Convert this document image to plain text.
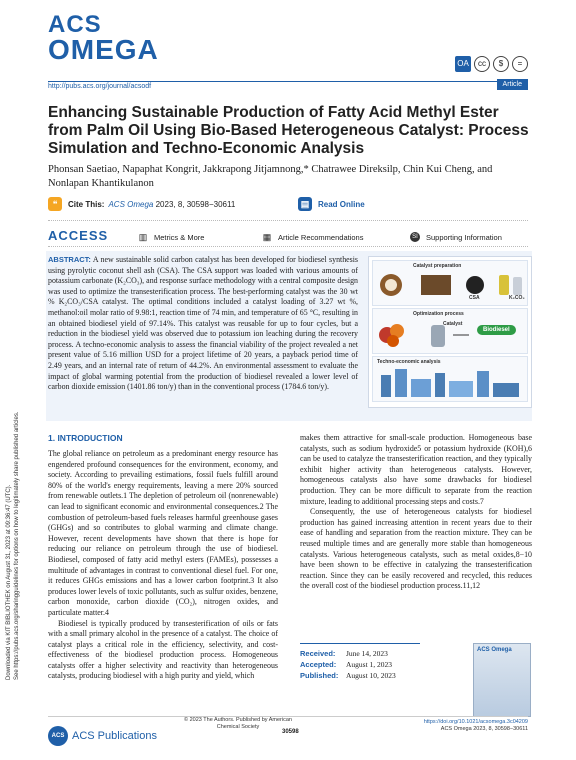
ACS
OMEGA	OA	cc	$	=
http://pubs.acs.org/journal/acsodf	Article
Enhancing Sustainable Production of Fatty Acid Methyl Ester from Palm Oil Using Bio-Based Heterogeneous Catalyst: Process Simulation and Techno-Economic Analysis
Phonsan Saetiao, Napaphat Kongrit, Jakkrapong Jitjamnong,* Chatrawee Direksilp, Chin Kui Cheng, and Nonlapan Khantikulanon
❝	Cite This: ACS Omega
2023, 8, 30598−30611	▤	Read Online
ACCESS	▥ Metrics & More	▦ Article Recommendations	SI Supporting Information
ABSTRACT: A new sustainable solid carbon catalyst has been developed for biodiesel synthesis using pyrolytic coconut shell ash (CSA). The CSA support was loaded with various amounts of potassium carbonate (K₂CO₃), and response surface methodology with a central composite design was used to optimize the transesterification process. The best-performing catalyst was the 30 wt % K₂CO₃/CSA catalyst. The optimal conditions included a catalyst loading of 3.27 wt %, methanol:oil molar ratio of 9.98:1, reaction time of 74 min, and temperature of 65 °C, resulting in an obtained biodiesel yield of 97.14%. This catalyst was reusable for up to four cycles, but a reduction in the biodiesel yield was observed due to potassium ion leaching during the recovery process. A techno-economic analysis to assess the financial viability of the project revealed a net present value of 5.16 million USD for a project lifetime of 20 years, a payback period time of 2.49 years, and an internal rate of return of 44.2%. An environmental assessment to evaluate the impact of global warming potential from the production of biodiesel revealed a lower level of carbon dioxide emission (1401.86 ton/y) than in the conventional process (1784.6 ton/y).
Catalyst preparation
CSA	K₂CO₃
Optimization process
Catalyst
Biodiesel
Techno-economic analysis
Downloaded via KIT BIBLIOTHEK on August 31, 2023 at 09:36:47 (UTC). See https://pubs.acs.org/sharingguidelines for options on how to legitimately share published articles.	1. INTRODUCTION

The global reliance on petroleum as a predominant energy resource has engendered profound consequences for the environment, economy, and society. According to prevailing estimations, fossil fuels fulfill around 80% of the world's energy requirements, leaving a mere 20% sourced from renewable outlets.1 The depletion of petroleum oil (nonrenewable) can lead to significant economic and environmental consequences.2 The combustion of petroleum-based fuels releases harmful greenhouse gases (GHGs) and so contributes to global warming and climate change. However, recent developments have shown that there is hope for reducing our reliance on petroleum through the use of biodiesel. Biodiesel, composed of fatty acid methyl esters (FAMEs), possesses a multitude of advantages in contrast to conventional diesel fuel. For one, it reduces GHGs emissions and has a lower carbon footprint.3 It also produces lower levels of toxic pollutants, such as sulfur oxides, benzene, carbon monoxide, carbon dioxide (CO₂), nitrogen oxides, and particulate matter.4

Biodiesel is typically produced by transesterification of oils or fats with a small primary alcohol in the presence of a catalyst. The choice of catalyst plays a critical role in the efficiency, selectivity, and cost-effectiveness of the biodiesel production process. Homogeneous catalysts offer a higher selectivity and reactivity than heterogeneous catalysts, producing biodiesel with a high purity and yield, which

makes them attractive for small-scale production. Homogeneous base catalysts, such as sodium hydroxide5 or potassium hydroxide (KOH),6 can be used to catalyze the transesterification reaction, and they typically exhibit higher activity than heterogeneous catalysts. However, homogeneous catalysts also have some drawbacks for biodiesel production. They can be more difficult to separate from the reaction mixture, leading to additional processing steps and costs.7

Consequently, the use of heterogeneous catalysts for biodiesel production has gained increasing attention in recent years due to their ease of handling and separation from the reaction mixture. They can be reused multiple times and are generally more stable than homogeneous catalysts. Various heterogeneous catalysts, such as metal oxides,8−10 have been shown to be effective in catalyzing the transesterification reaction. Since they can be easily recovered and recycled, this reduces the overall cost of the biodiesel production process.11,12

Received: June 14, 2023
Accepted: August 1, 2023
Published: August 10, 2023
ACS Omega
ACS ACS Publications
© 2023 The Authors. Published by American Chemical Society
30598
https://doi.org/10.1021/acsomega.3c04209
ACS Omega 2023, 8, 30598−30611
